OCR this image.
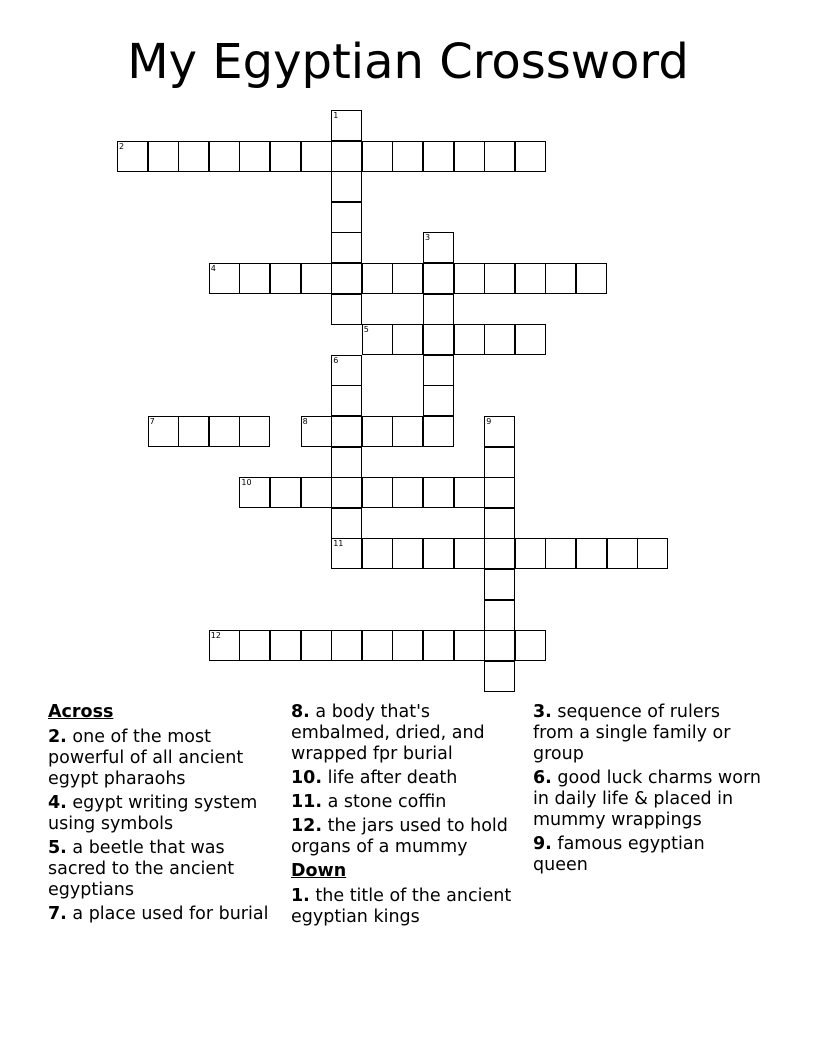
My Egyptian Crossword
1
2
3
4
5
6
11
7	8	9
10
12
Across
2. one of the most powerful of all ancient egypt pharaohs
4. egypt writing system using symbols
5. a beetle that was sacred to the ancient egyptians
7. a place used for burial
8. a body that's embalmed, dried, and wrapped fpr burial
10. life after death
11. a stone coffin
12. the jars used to hold organs of a mummy
Down
1. the title of the ancient egyptian kings
3. sequence of rulers from a single family or group
6. good luck charms worn in daily life & placed in mummy wrappings
9. famous egyptian queen
